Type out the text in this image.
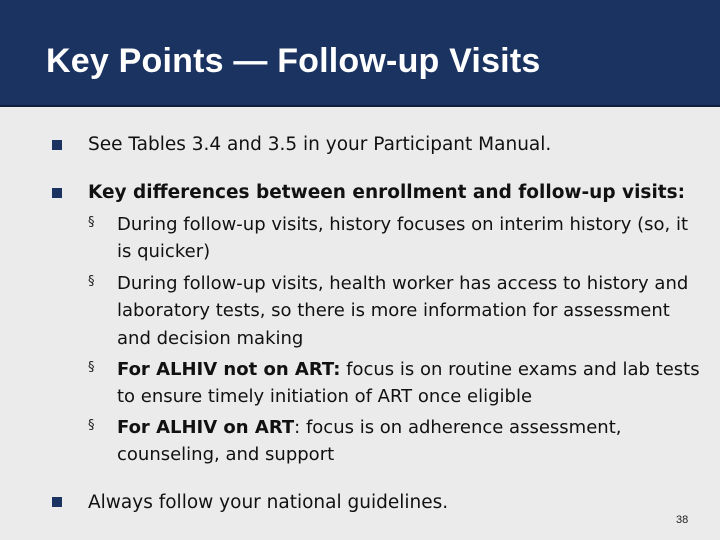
Key Points — Follow-up Visits
See Tables 3.4 and 3.5 in your Participant Manual.
Key differences between enrollment and follow-up visits:
§ During follow-up visits, history focuses on interim history (so, it is quicker)
§ During follow-up visits, health worker has access to history and laboratory tests, so there is more information for assessment and decision making
§ For ALHIV not on ART: focus is on routine exams and lab tests to ensure timely initiation of ART once eligible
§ For ALHIV on ART: focus is on adherence assessment, counseling, and support
Always follow your national guidelines.
38
